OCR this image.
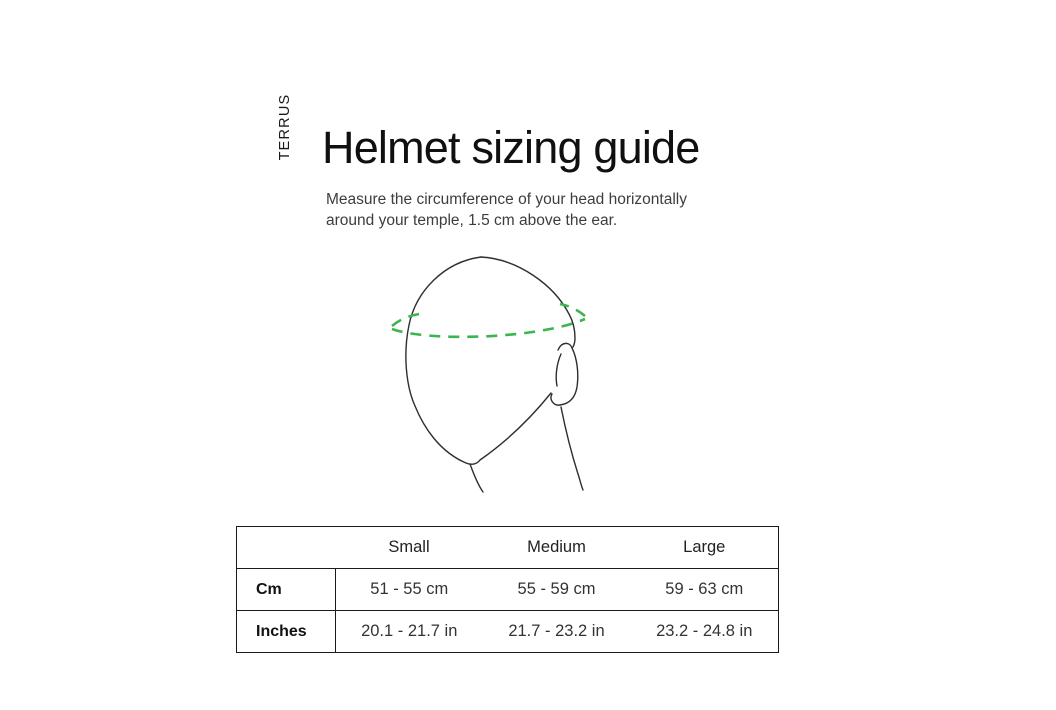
TERRUS Helmet sizing guide

Measure the circumference of your head horizontally
around your temple, 1.5 cm above the ear.

	Small	Medium	Large
Cm	51 - 55 cm	55 - 59 cm	59 - 63 cm
Inches	20.1 - 21.7 in	21.7 - 23.2 in	23.2 - 24.8 in
